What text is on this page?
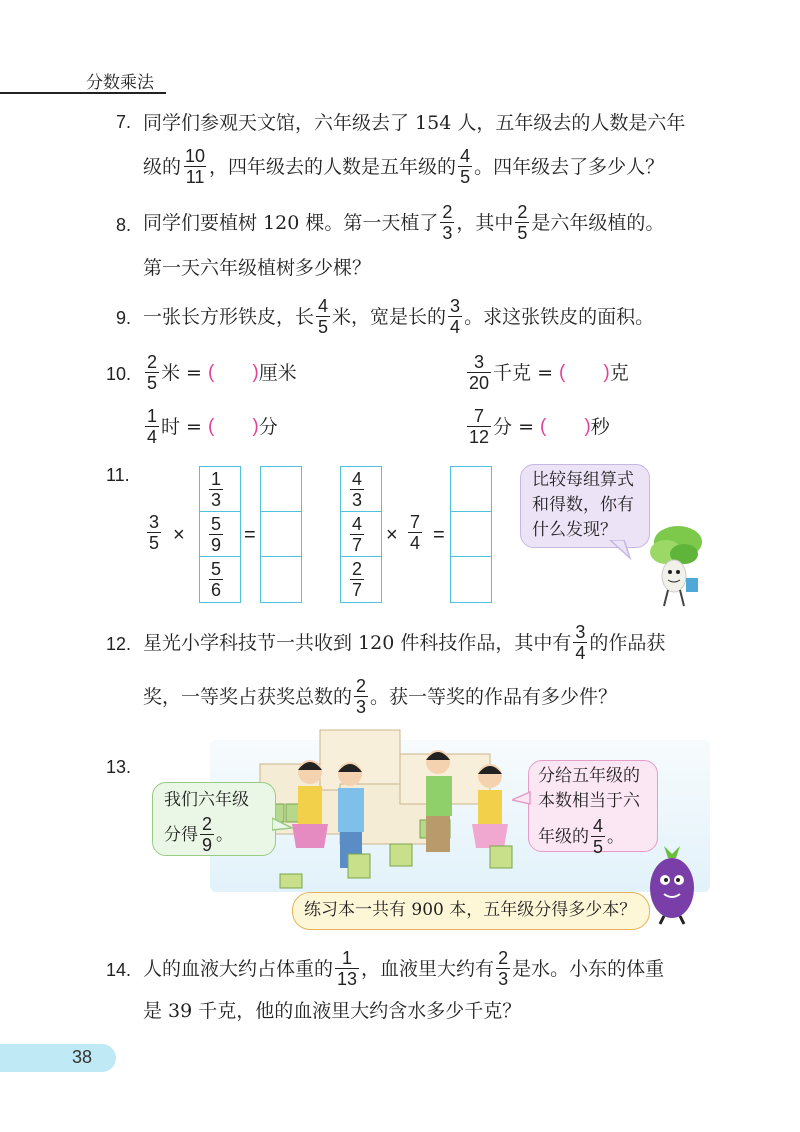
分数乘法
7. 同学们参观天文馆，六年级去了 154 人，五年级去的人数是六年
级的 $\frac{10}{11}$ ，四年级去的人数是五年级的 $\frac{4}{5}$ 。四年级去了多少人？
8. 同学们要植树 120 棵。第一天植了 $\frac{2}{3}$ ，其中 $\frac{2}{5}$ 是六年级植的。
第一天六年级植树多少棵？
9. 一张长方形铁皮，长 $\frac{4}{5}$ 米，宽是长的 $\frac{3}{4}$ 。求这张铁皮的面积。
10. $\frac{2}{5}$ 米 =
( ) 厘米	$\frac{3}{20}$ 千克 =
( ) 克
$\frac{1}{4}$ 时 =
( ) 分	$\frac{7}{12}$ 分 =
( ) 秒
11.
$\frac{3}{5}$ ×
$\frac{1}{3}$
$\frac{5}{9}$
$\frac{5}{6}$
=
$\frac{4}{3}$
$\frac{4}{7}$
$\frac{2}{7}$
× $\frac{7}{4}$ =
比较每组算式
和得数，你有
什么发现？
12. 星光小学科技节一共收到 120 件科技作品，其中有 $\frac{3}{4}$ 的作品获
奖，一等奖占获奖总数的 $\frac{2}{3}$ 。获一等奖的作品有多少件？
13.
我们六年级
分得 $\frac{2}{9}$ 。
分给五年级的
本数相当于六
年级的 $\frac{4}{5}$ 。
练习本一共有 900 本，五年级分得多少本？
14. 人的血液大约占体重的 $\frac{1}{13}$ ，血液里大约有 $\frac{2}{3}$ 是水。小东的体重
是 39 千克，他的血液里大约含水多少千克？
38
